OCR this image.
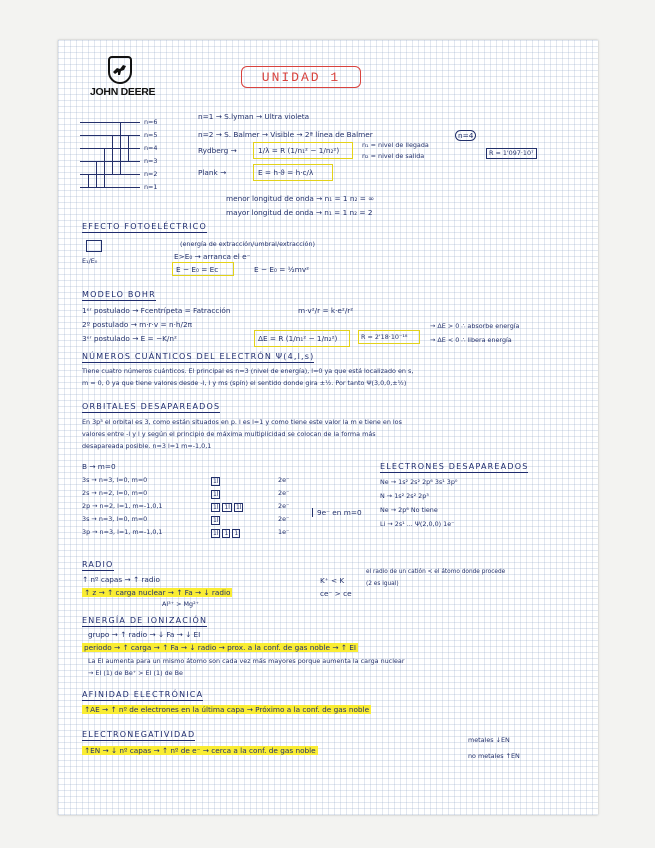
JOHN DEERE
UNIDAD 1
n=6
n=5
n=4
n=3
n=2
n=1
n=1 → S.lyman → Ultra violeta
n=2 → S. Balmer → Visible → 2ª línea de Balmer	n=4
Rydberg →	1/λ = R (1/n₁² − 1/n₂²)
n₁ = nivel de llegada
n₂ = nivel de salida	R = 1'097·10⁷
Plank →	E = h·ϑ = h·c/λ
menor longitud de onda → n₁ = 1 n₂ = ∞
mayor longitud de onda → n₁ = 1 n₂ = 2
EFECTO FOTOELÉCTRICO
E₁/E₀
(energía de extracción/umbral/extracción)
E>E₀ → arranca el e⁻
E − E₀ = Eᴄ	E − E₀ = ½mv²
MODELO BOHR
1ᵉʳ postulado → Fcentrípeta = Fatracción	m·v²/r = k·e²/r²
2º postulado → m·r·v = n·h/2π
3ᵉʳ postulado → E = −K/n²	ΔE = R (1/n₁² − 1/n₂²)	R = 2'18·10⁻¹⁸
→ ΔE > 0 ∴ absorbe energía
→ ΔE < 0 ∴ libera energía
NÚMEROS CUÁNTICOS DEL ELECTRÓN Ψ(4,l,s)
Tiene cuatro números cuánticos. El principal es n=3 (nivel de energía), l=0 ya que está localizado en s,
m = 0, 0 ya que tiene valores desde -l, l y ms (spín) el sentido donde gira ±½. Por tanto Ψ(3,0,0,±½)
ORBITALES DESAPAREADOS
En 3p³ el orbital es 3, como están situados en p. l es l=1 y como tiene este valor la m e tiene en los
valores entre -l y l y según el principio de máxima multiplicidad se colocan de la forma más
desapareada posible. n=3 l=1 m=-1,0,1
B → m=0
3s → n=3, l=0, m=0	1l	2e⁻
2s → n=2, l=0, m=0	1l	2e⁻
2p → n=2, l=1, m=-1,0,1	1l 1l 1l	2e⁻
3s → n=3, l=0, m=0	1l	2e⁻
3p → n=3, l=1, m=-1,0,1	1l 1 1	1e⁻
9e⁻ en m=0
ELECTRONES DESAPAREADOS
Ne → 1s² 2s² 2p⁶ 3s¹ 3p⁰
N → 1s² 2s² 2p³
Ne → 2p⁶ No tiene
Li → 2s¹ ... Ψ(2,0,0) 1e⁻
RADIO
↑ nº capas → ↑ radio
↑ z → ↑ carga nuclear → ↑ Fa → ↓ radio
Al³⁺ > Mg²⁺
K⁺ < K
ce⁻ > ce
el radio de un catión < el átomo donde procede
(2 es igual)
ENERGÍA DE IONIZACIÓN
grupo → ↑ radio → ↓ Fa → ↓ EI
periodo → ↑ carga → ↑ Fa → ↓ radio → prox. a la conf. de gas noble → ↑ EI
La EI aumenta para un mismo átomo son cada vez más mayores porque aumenta la carga nuclear
→ EI (1) de Be⁺ > EI (1) de Be
AFINIDAD ELECTRÓNICA
↑AE → ↑ nº de electrones en la última capa → Próximo a la conf. de gas noble
ELECTRONEGATIVIDAD
↑EN → ↓ nº capas → ↑ nº de e⁻ → cerca a la conf. de gas noble
metales ↓EN
no metales ↑EN
